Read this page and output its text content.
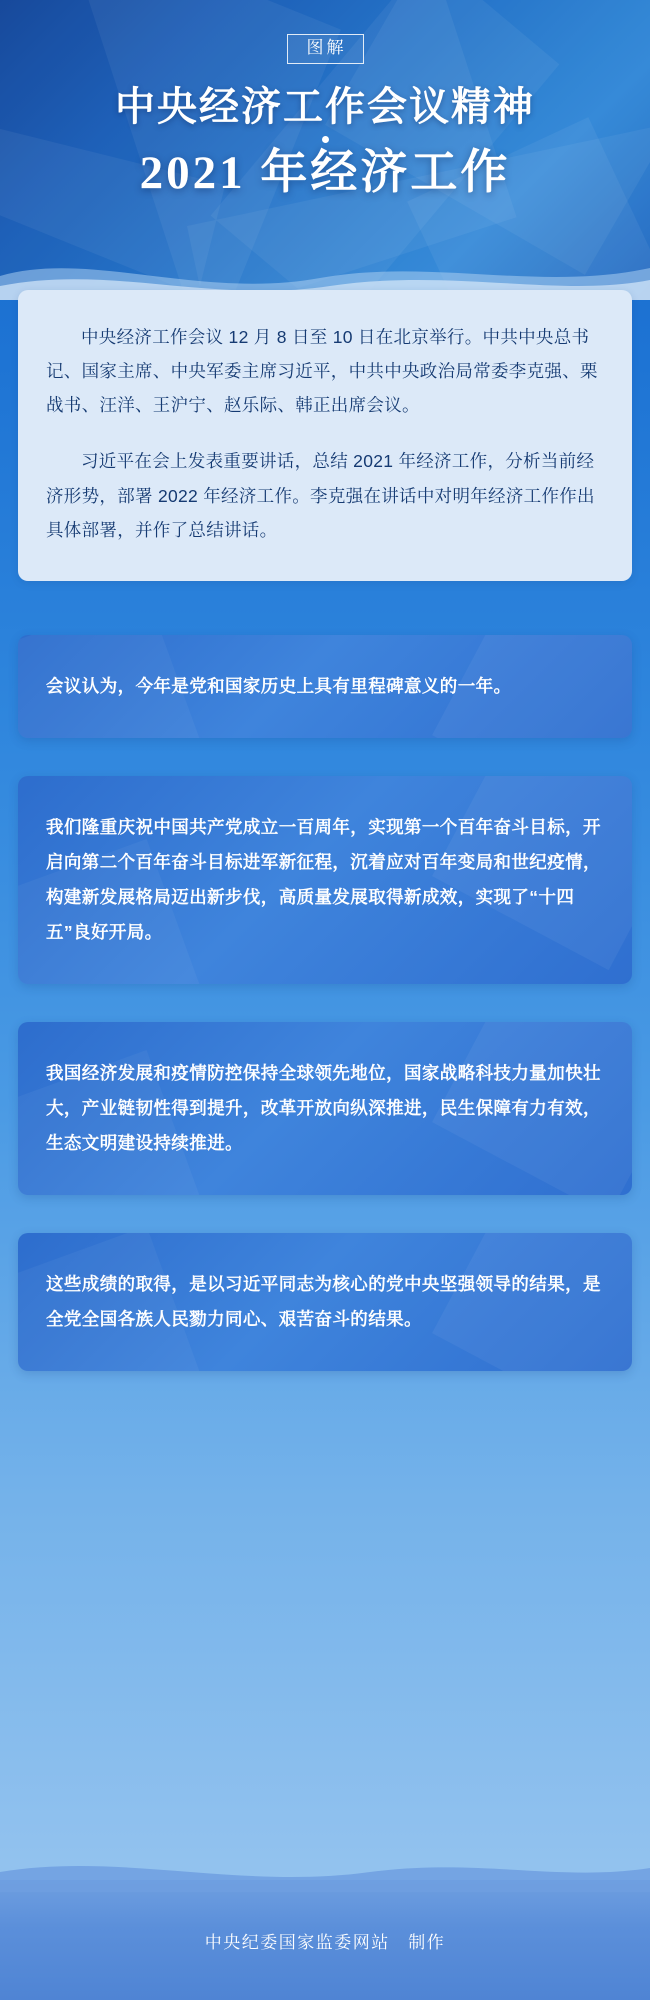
图解
中央经济工作会议精神
2021 年经济工作

中央经济工作会议 12 月 8 日至 10 日在北京举行。中共中央总书记、国家主席、中央军委主席习近平，中共中央政治局常委李克强、栗战书、汪洋、王沪宁、赵乐际、韩正出席会议。

习近平在会上发表重要讲话，总结 2021 年经济工作，分析当前经济形势，部署 2022 年经济工作。李克强在讲话中对明年经济工作作出具体部署，并作了总结讲话。

会议认为，今年是党和国家历史上具有里程碑意义的一年。
我们隆重庆祝中国共产党成立一百周年，实现第一个百年奋斗目标，开启向第二个百年奋斗目标进军新征程，沉着应对百年变局和世纪疫情，构建新发展格局迈出新步伐，高质量发展取得新成效，实现了“十四五”良好开局。
我国经济发展和疫情防控保持全球领先地位，国家战略科技力量加快壮大，产业链韧性得到提升，改革开放向纵深推进，民生保障有力有效，生态文明建设持续推进。
这些成绩的取得，是以习近平同志为核心的党中央坚强领导的结果，是全党全国各族人民勠力同心、艰苦奋斗的结果。
中央纪委国家监委网站　制作
